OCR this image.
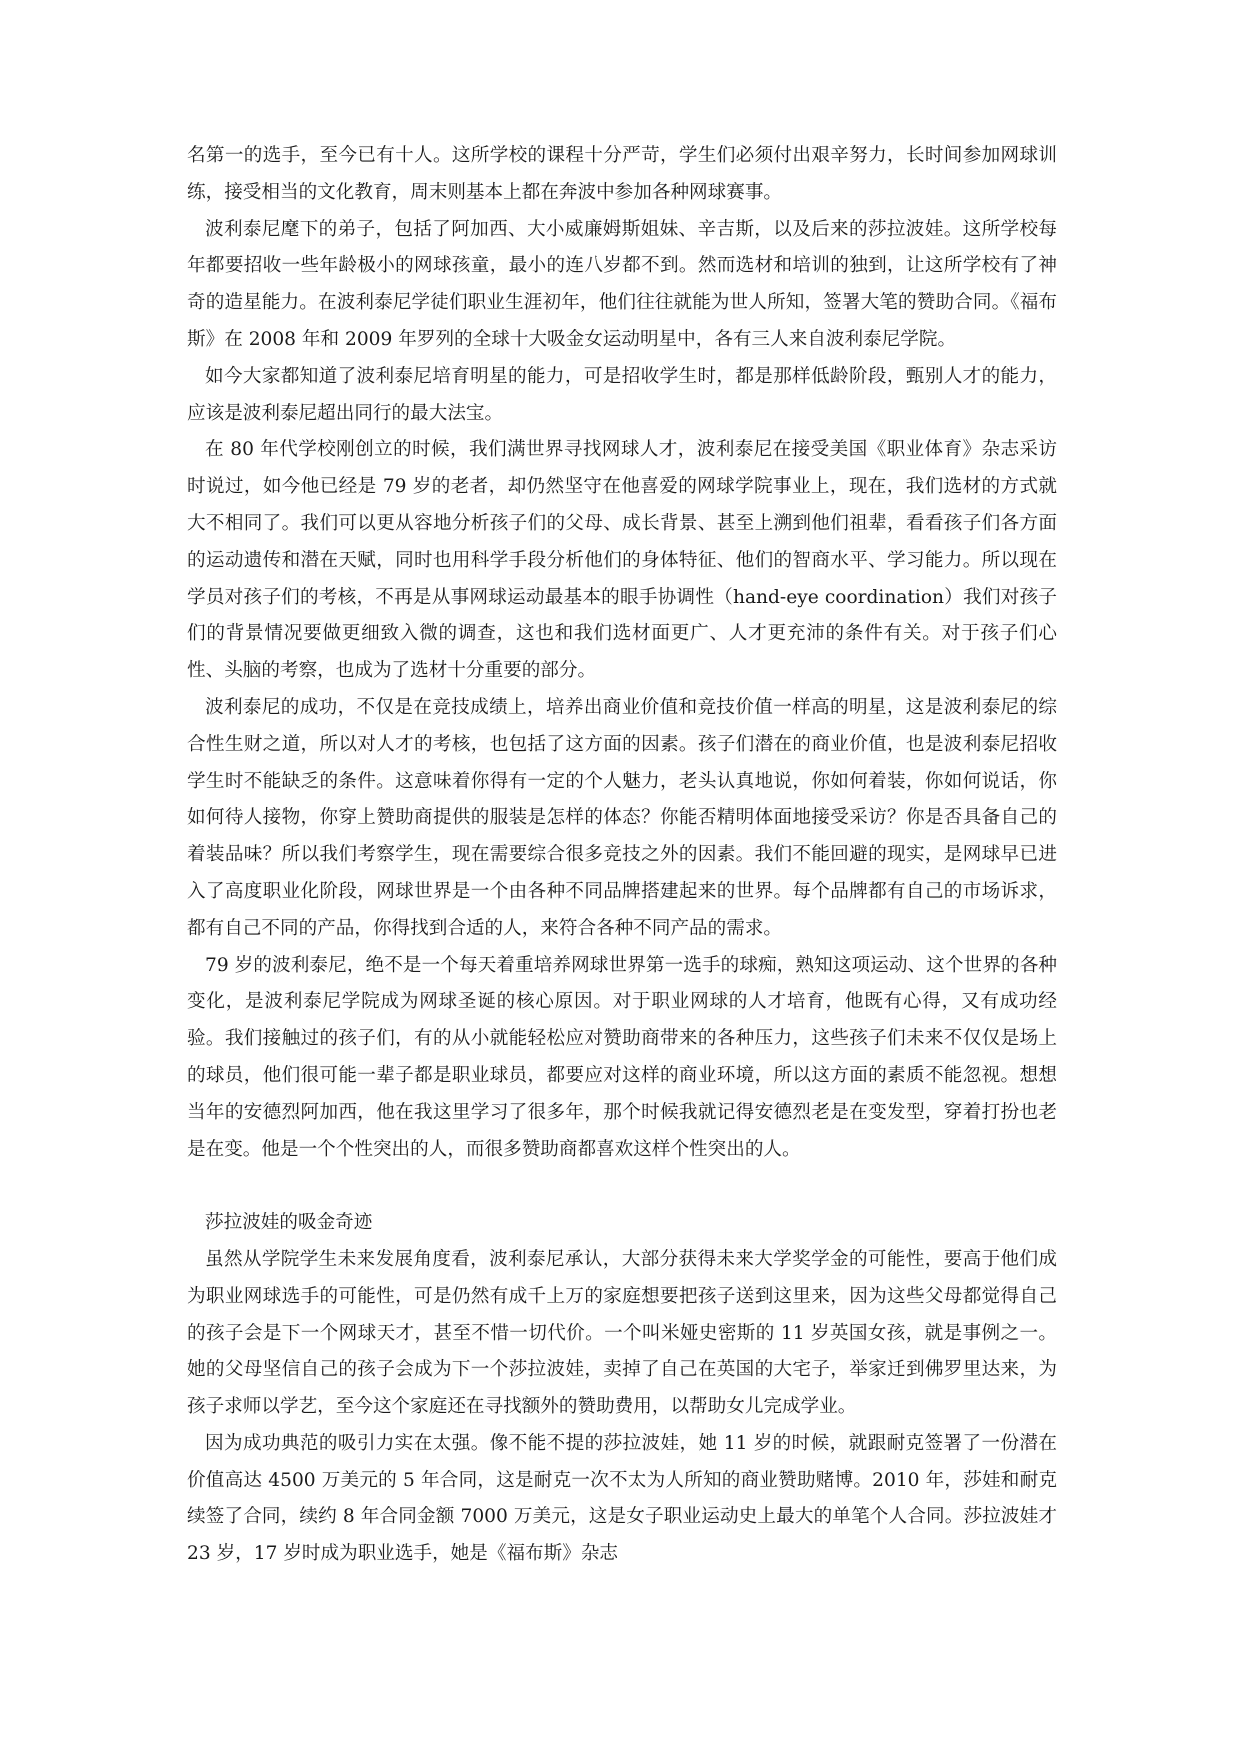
名第一的选手，至今已有十人。这所学校的课程十分严苛，学生们必须付出艰辛努力，长时间参加网球训练，接受相当的文化教育，周末则基本上都在奔波中参加各种网球赛事。

波利泰尼麾下的弟子，包括了阿加西、大小威廉姆斯姐妹、辛吉斯，以及后来的莎拉波娃。这所学校每年都要招收一些年龄极小的网球孩童，最小的连八岁都不到。然而选材和培训的独到，让这所学校有了神奇的造星能力。在波利泰尼学徒们职业生涯初年，他们往往就能为世人所知，签署大笔的赞助合同。《福布斯》在 2008 年和 2009 年罗列的全球十大吸金女运动明星中，各有三人来自波利泰尼学院。

如今大家都知道了波利泰尼培育明星的能力，可是招收学生时，都是那样低龄阶段，甄别人才的能力，应该是波利泰尼超出同行的最大法宝。

在 80 年代学校刚创立的时候，我们满世界寻找网球人才，波利泰尼在接受美国《职业体育》杂志采访时说过，如今他已经是 79 岁的老者，却仍然坚守在他喜爱的网球学院事业上，现在，我们选材的方式就大不相同了。我们可以更从容地分析孩子们的父母、成长背景、甚至上溯到他们祖辈，看看孩子们各方面的运动遗传和潜在天赋，同时也用科学手段分析他们的身体特征、他们的智商水平、学习能力。所以现在学员对孩子们的考核，不再是从事网球运动最基本的眼手协调性（hand-eye coordination）我们对孩子们的背景情况要做更细致入微的调查，这也和我们选材面更广、人才更充沛的条件有关。对于孩子们心性、头脑的考察，也成为了选材十分重要的部分。

波利泰尼的成功，不仅是在竞技成绩上，培养出商业价值和竞技价值一样高的明星，这是波利泰尼的综合性生财之道，所以对人才的考核，也包括了这方面的因素。孩子们潜在的商业价值，也是波利泰尼招收学生时不能缺乏的条件。这意味着你得有一定的个人魅力，老头认真地说，你如何着装，你如何说话，你如何待人接物，你穿上赞助商提供的服装是怎样的体态？你能否精明体面地接受采访？你是否具备自己的着装品味？所以我们考察学生，现在需要综合很多竞技之外的因素。我们不能回避的现实，是网球早已进入了高度职业化阶段，网球世界是一个由各种不同品牌搭建起来的世界。每个品牌都有自己的市场诉求，都有自己不同的产品，你得找到合适的人，来符合各种不同产品的需求。

79 岁的波利泰尼，绝不是一个每天着重培养网球世界第一选手的球痴，熟知这项运动、这个世界的各种变化，是波利泰尼学院成为网球圣诞的核心原因。对于职业网球的人才培育，他既有心得，又有成功经验。我们接触过的孩子们，有的从小就能轻松应对赞助商带来的各种压力，这些孩子们未来不仅仅是场上的球员，他们很可能一辈子都是职业球员，都要应对这样的商业环境，所以这方面的素质不能忽视。想想当年的安德烈阿加西，他在我这里学习了很多年，那个时候我就记得安德烈老是在变发型，穿着打扮也老是在变。他是一个个性突出的人，而很多赞助商都喜欢这样个性突出的人。

莎拉波娃的吸金奇迹

虽然从学院学生未来发展角度看，波利泰尼承认，大部分获得未来大学奖学金的可能性，要高于他们成为职业网球选手的可能性，可是仍然有成千上万的家庭想要把孩子送到这里来，因为这些父母都觉得自己的孩子会是下一个网球天才，甚至不惜一切代价。一个叫米娅史密斯的 11 岁英国女孩，就是事例之一。她的父母坚信自己的孩子会成为下一个莎拉波娃，卖掉了自己在英国的大宅子，举家迁到佛罗里达来，为孩子求师以学艺，至今这个家庭还在寻找额外的赞助费用，以帮助女儿完成学业。

因为成功典范的吸引力实在太强。像不能不提的莎拉波娃，她 11 岁的时候，就跟耐克签署了一份潜在价值高达 4500 万美元的 5 年合同，这是耐克一次不太为人所知的商业赞助赌博。2010 年，莎娃和耐克续签了合同，续约 8 年合同金额 7000 万美元，这是女子职业运动史上最大的单笔个人合同。莎拉波娃才 23 岁，17 岁时成为职业选手，她是《福布斯》杂志
